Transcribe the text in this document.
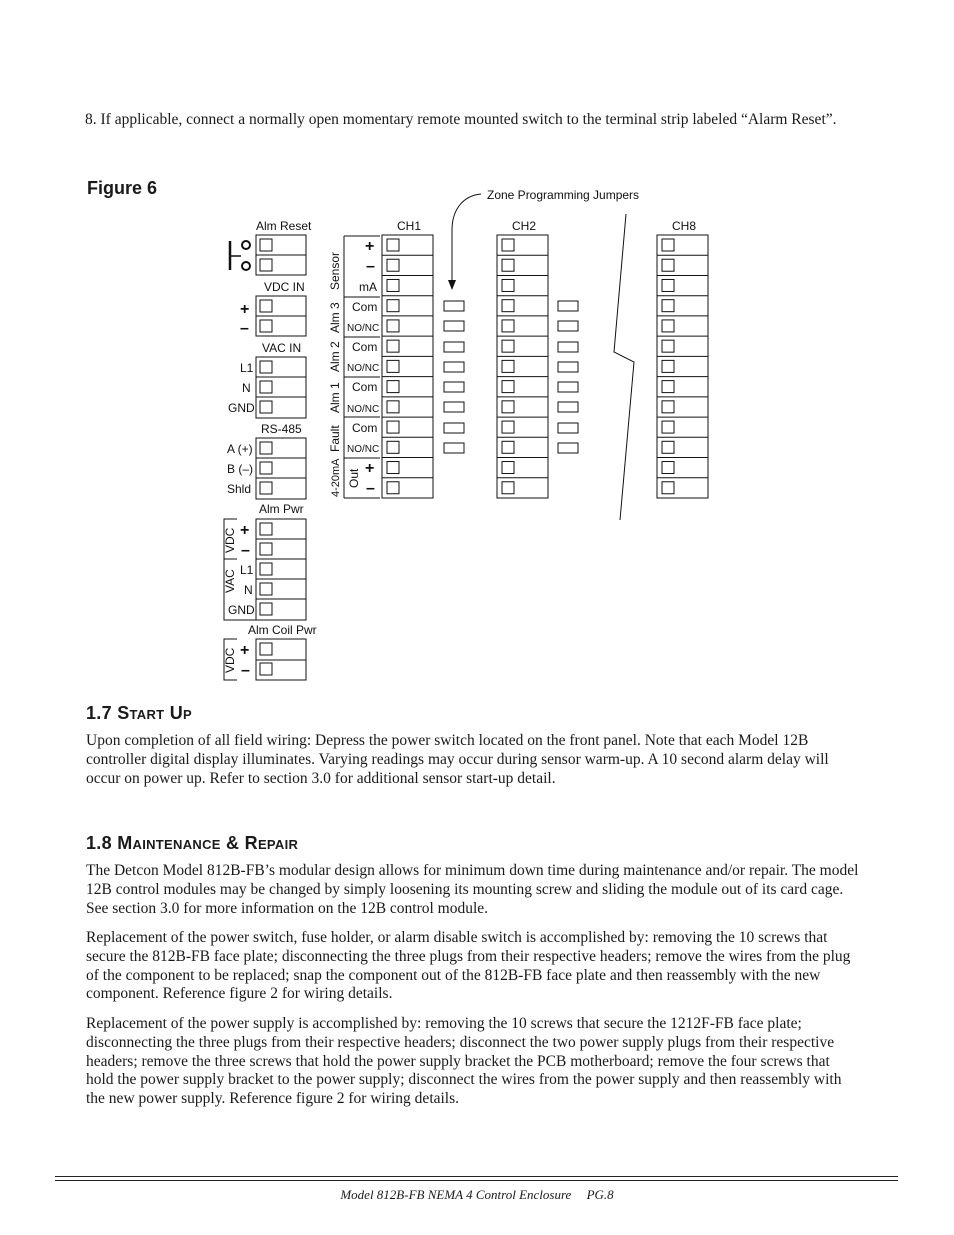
8. If applicable, connect a normally open momentary remote mounted switch to the terminal strip labeled “Alarm Reset”.
Figure 6
Alm Reset
VDC IN
+
–
VAC IN
L1
N
GND
RS-485
A (+)
B (–)
Shld
Alm Pwr
+
–
L1
N
GND
VDC
VAC
Alm Coil Pwr
+
–
VDC
CH1	CH2	CH8
Zone Programming Jumpers
Sensor
Alm 3
Alm 2
Alm 1
Fault
4-20mA Out
+
–
mA
Com
NO/NC
Com
NO/NC
Com
NO/NC
Com
NO/NC
+
–
1.7 Start Up
Upon completion of all field wiring: Depress the power switch located on the front panel. Note that each Model 12B controller digital display illuminates. Varying readings may occur during sensor warm-up. A 10 second alarm delay will occur on power up. Refer to section 3.0 for additional sensor start-up detail.
1.8 Maintenance & Repair
The Detcon Model 812B-FB’s modular design allows for minimum down time during maintenance and/or repair. The model 12B control modules may be changed by simply loosening its mounting screw and sliding the module out of its card cage. See section 3.0 for more information on the 12B control module.
Replacement of the power switch, fuse holder, or alarm disable switch is accomplished by: removing the 10 screws that secure the 812B-FB face plate; disconnecting the three plugs from their respective headers; remove the wires from the plug of the component to be replaced; snap the component out of the 812B-FB face plate and then reassembly with the new component. Reference figure 2 for wiring details.
Replacement of the power supply is accomplished by: removing the 10 screws that secure the 1212F-FB face plate; disconnecting the three plugs from their respective headers; disconnect the two power supply plugs from their respective headers; remove the three screws that hold the power supply bracket the PCB motherboard; remove the four screws that hold the power supply bracket to the power supply; disconnect the wires from the power supply and then reassembly with the new power supply. Reference figure 2 for wiring details.
Model 812B-FB NEMA 4 Control Enclosure PG.8
